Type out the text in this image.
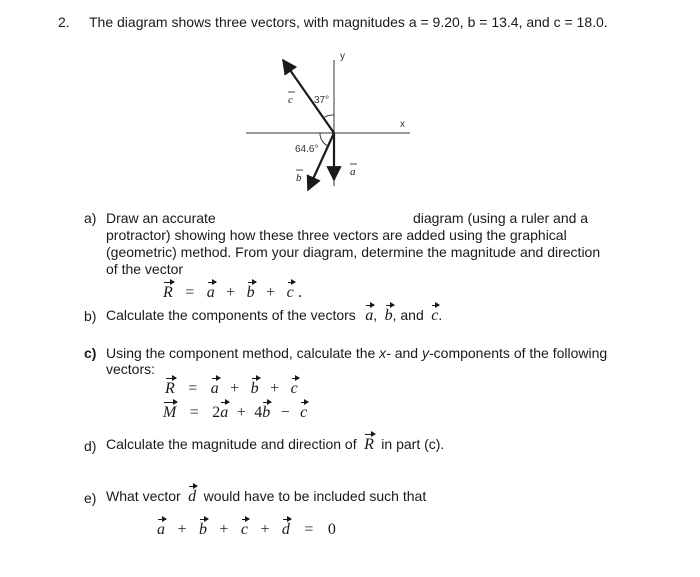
2. The diagram shows three vectors, with magnitudes a = 9.20, b = 13.4, and c = 18.0.
y
x
37°
64.6°
c
b	a
a) Draw an accurate	diagram (using a ruler and a
protractor) showing how these three vectors are added using the graphical
(geometric) method. From your diagram, determine the magnitude and direction
of the vector
R = a + b + c .
b) Calculate the components of the vectors a, b, and c.
c) Using the component method, calculate the x- and y-components of the following
vectors:
R = a + b + c
M = 2a + 4b − c
d) Calculate the magnitude and direction of R in part (c).
e) What vector d would have to be included such that
a + b + c + d = 0
